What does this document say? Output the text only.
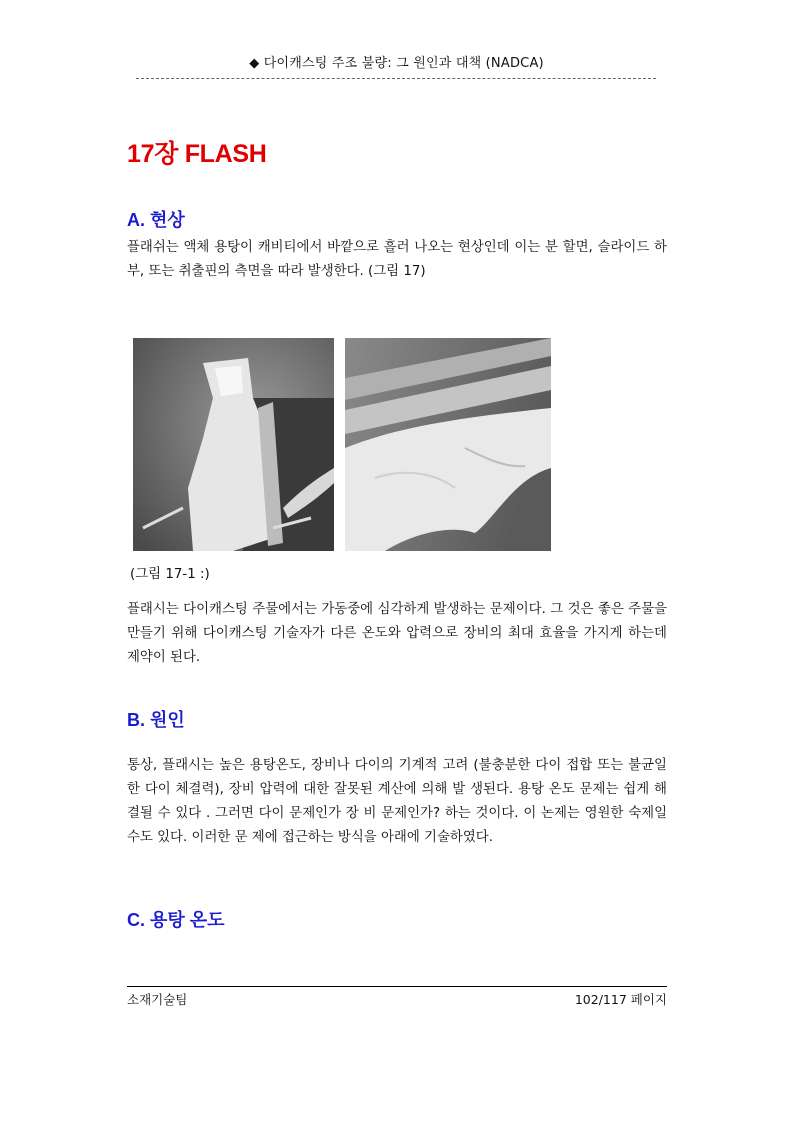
◆ 다이캐스팅 주조 불량: 그 원인과 대책 (NADCA)
17장 FLASH
A. 현상
플래쉬는 액체 용탕이 캐비티에서 바깥으로 흘러 나오는 현상인데 이는 분 할면, 슬라이드 하부, 또는 취출핀의 측면을 따라 발생한다. (그림 17)
(그림 17-1 :)
플래시는 다이캐스팅 주물에서는 가동중에 심각하게 발생하는 문제이다. 그 것은 좋은 주물을 만들기 위해 다이캐스팅 기술자가 다른 온도와 압력으로 장비의 최대 효율을 가지게 하는데 제약이 된다.
B. 원인
통상, 플래시는 높은 용탕온도, 장비나 다이의 기계적 고려 (불충분한 다이 접합 또는 불균일한 다이 체결력), 장비 압력에 대한 잘못된 계산에 의해 발 생된다. 용탕 온도 문제는 쉽게 해결될 수 있다 . 그러면 다이 문제인가 장 비 문제인가? 하는 것이다. 이 논제는 영원한 숙제일 수도 있다. 이러한 문 제에 접근하는 방식을 아래에 기술하였다.
C. 용탕 온도
소재기술팀	102/117 페이지
